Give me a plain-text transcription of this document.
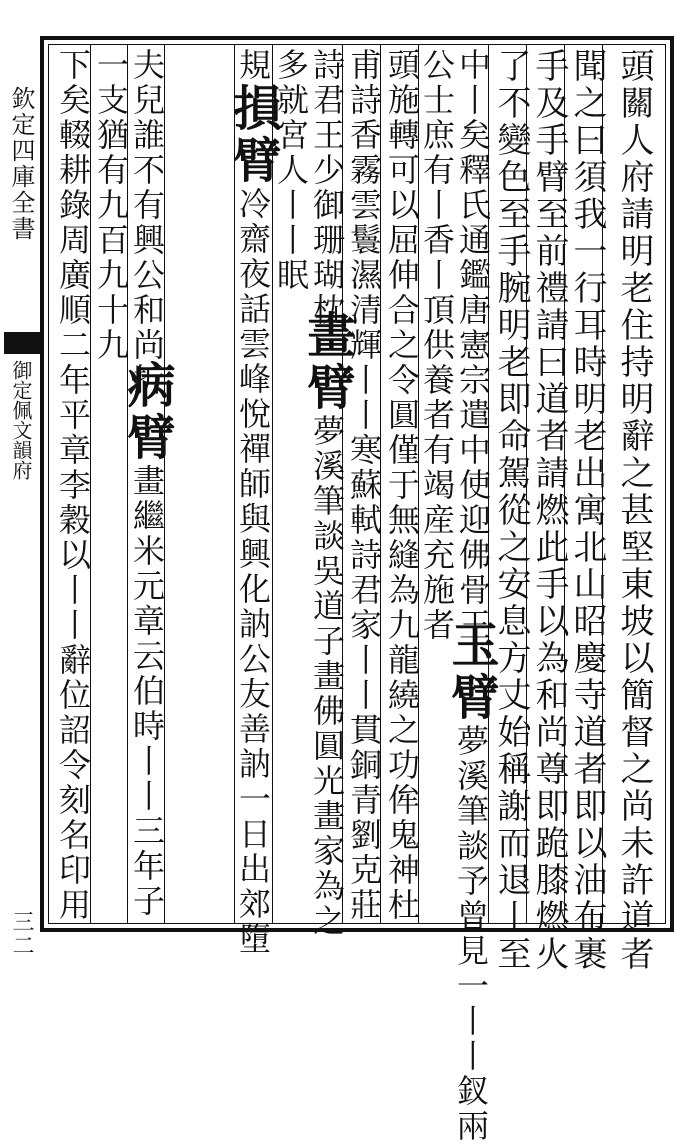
欽定四庫全書
御定佩文韻府
三二	頭關人府請明老住持明辭之甚堅東坡以簡督之尚未許道者
聞之曰須我一行耳時明老出寓北山昭慶寺道者即以油布裹
手及手臂至前禮請曰道者請燃此手以為和尚尊即跪膝燃火
了不變色至手腕明老即命駕從之安息方丈始稱謝而退丨至
中丨矣釋氏通鑑唐憲宗遣中使迎佛骨王
公士庶有丨香丨頂供養者有竭産充施者
玉臂夢溪筆談予曾見一丨丨釵兩
頭施轉可以屈伸合之令圓僅于無縫為九龍繞之功侔鬼神杜
甫詩香霧雲鬟濕清輝丨丨寒蘇軾詩君家丨丨貫銅青劉克莊
詩君王少御珊瑚枕
多就宮人丨丨眠
畫臂夢溪筆談吳道子畫佛圓光畫家為之
規損臂冷齋夜話雲峰悅禪師與興化訥公友善訥一日出郊墮
夫兒誰不有興公和尚折
一支猶有九百九十九
病臂畫繼米元章云伯時丨丨三年子
下矣輟耕錄周廣順二年平章李穀以丨丨辭位詔令刻名印用
